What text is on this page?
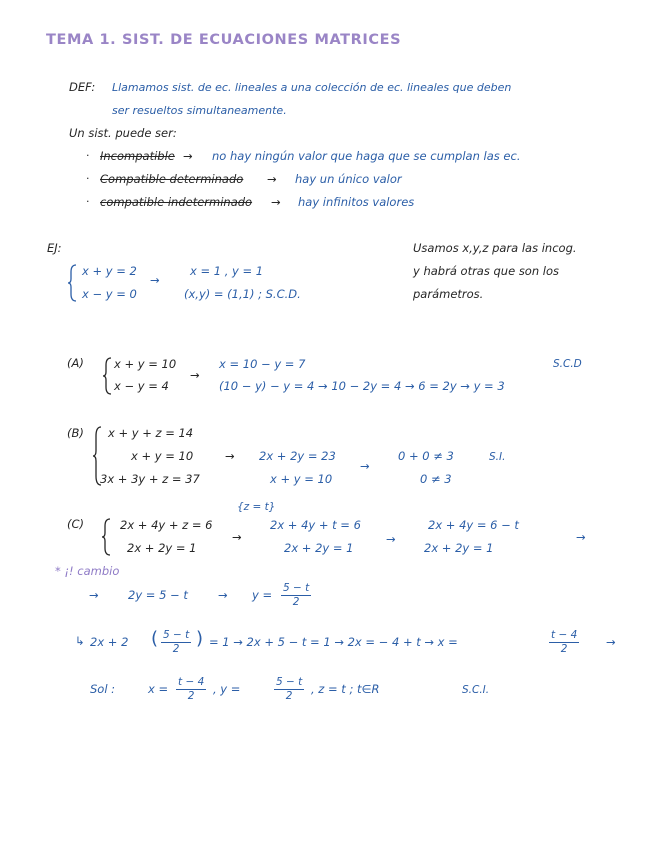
TEMA 1. SIST. DE ECUACIONES MATRICES
DEF: Llamamos sist. de ec. lineales a una colección de ec. lineales que deben
ser resueltos simultaneamente.
Un sist. puede ser:
· Incompatible → no hay ningún valor que haga que se cumplan las ec.
· Compatible determinado → hay un único valor
· compatible indeterminado → hay infinitos valores
EJ:	Usamos x,y,z para las incog.
y habrá otras que son los
parámetros.
x + y = 2
x − y = 0
→
x = 1 , y = 1
(x,y) = (1,1) ; S.C.D.
(A)	x + y = 10
x − y = 4
→
x = 10 − y = 7
(10 − y) − y = 4 → 10 − 2y = 4 → 6 = 2y → y = 3
S.C.D
(B) x + y + z = 14
x + y = 10
3x + 3y + z = 37
→ 2x + 2y = 23
x + y = 10
→
0 + 0 ≠ 3
0 ≠ 3
S.I.
{z = t}
(C)	2x + 4y + z = 6
2x + 2y = 1
→
2x + 4y + t = 6
2x + 2y = 1
→
2x + 4y = 6 − t
2x + 2y = 1
→
* ¡! cambio
→	2y = 5 − t	→ $y = \frac{5 - t}{2}$
↳ 2x + 2 ( $\frac{5 - t}{2}$ ) = 1 → 2x + 5 − t = 1 → 2x = − 4 + t → x =	$\frac{t - 4}{2}$ →
Sol :	$x = \frac{t - 4}{2}$ , y =	$\frac{5 - t}{2}$ , z = t ; t∈R	S.C.I.
